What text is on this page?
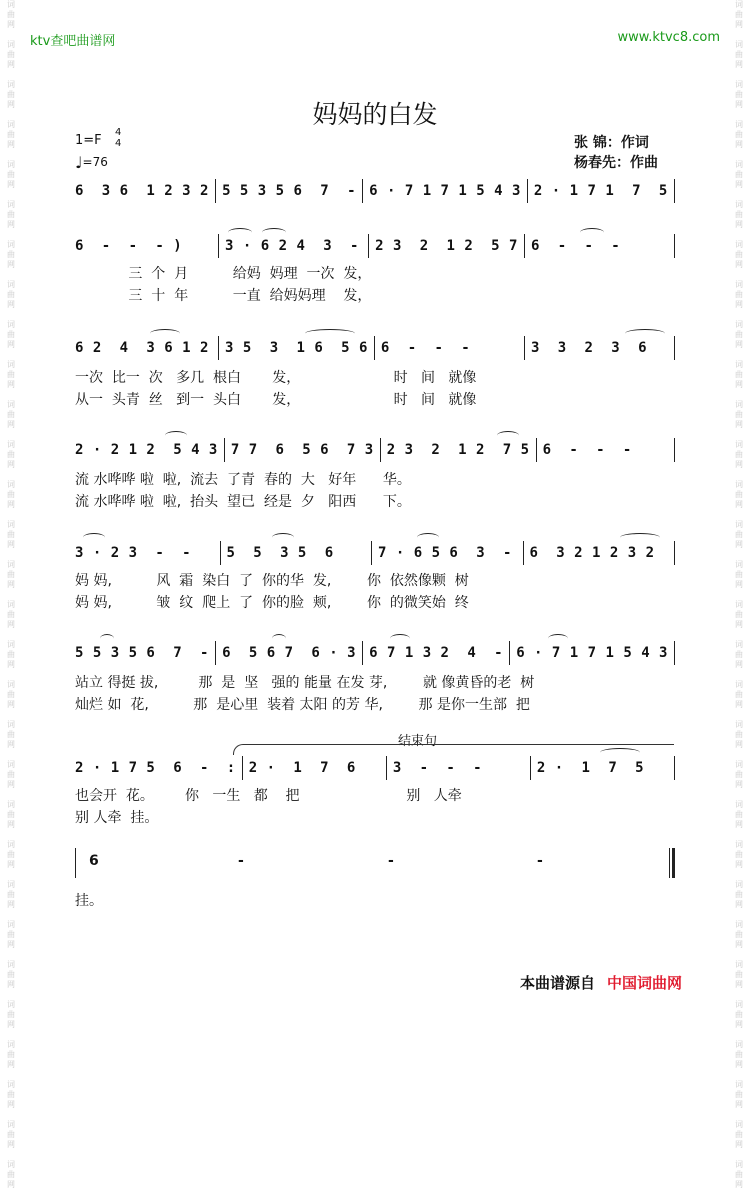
词
曲
网

词
曲
网

词
曲
网

词
曲
网

词
曲
网

词
曲
网

词
曲
网

词
曲
网

词
曲
网

词
曲
网

词
曲
网

词
曲
网

词
曲
网

词
曲
网

词
曲
网

词
曲
网

词
曲
网

词
曲
网

词
曲
网

词
曲
网

词
曲
网

词
曲
网

词
曲
网

词
曲
网

词
曲
网

词
曲
网

词
曲
网

词
曲
网

词
曲
网

词
曲
网
词
曲
网

词
曲
网

词
曲
网

词
曲
网

词
曲
网

词
曲
网

词
曲
网

词
曲
网

词
曲
网

词
曲
网

词
曲
网

词
曲
网

词
曲
网

词
曲
网

词
曲
网

词
曲
网

词
曲
网

词
曲
网

词
曲
网

词
曲
网

词
曲
网

词
曲
网

词
曲
网

词
曲
网

词
曲
网

词
曲
网

词
曲
网

词
曲
网

词
曲
网

词
曲
网
ktv查吧曲谱网	www.ktvc8.com
妈妈的白发
1=F
4
4
♩=76
张 锦：作词
杨春先：作曲
6  3 6  1 2 3 2 5 5 3 5 6  7  - 6 · 7 1 7 1 5 4 3 2 · 1 7 1  7  5
6  -  -  - )	3 · 6 2 4  3  -	2 3  2  1 2  5 7 6  -  -  -
三  个  月          给妈  妈理  一次  发，
三  十  年          一直  给妈妈理    发，
6 2  4  3 6 1 2	3 5  3  1 6  5 6 6  -  -  -	3  3  2  3  6
一次  比一  次   多几  根白       发，                     时   间   就像
从一  头青  丝   到一  头白       发，                     时   间   就像
2 · 2 1 2  5 4 3 7 7  6  5 6  7 3 2 3  2  1 2  7 5 6  -  -  -
流 水哗哗 啦  啦,  流去  了青  春的  大   好年      华。
流 水哗哗 啦  啦,  抬头  望已  经是  夕   阳西      下。
3 · 2 3  -  -	5  5  3 5  6	7 · 6 5 6  3  -	6  3 2 1 2 3 2
妈 妈,          风  霜  染白  了  你的华  发,        你  依然像颗  树
妈 妈,          皱  纹  爬上  了  你的脸  颊,        你  的微笑始  终
5 5 3 5 6  7  - 6  5 6 7  6 · 3 6 7 1 3 2  4  - 6 · 7 1 7 1 5 4 3
站立 得挺 拔,         那  是  坚   强的 能量 在发 芽,        就 像黄昏的老  树
灿烂 如  花,          那  是心里  装着 太阳 的芳 华,        那 是你一生部  把
2 · 1 7 5  6  -  : 2 ·  1  7  6	3  -  -  -	2 ·  1  7  5
也会开  花。       你   一生   都    把                        别   人牵
别 人牵  挂。
结束句
6	-	-	-
挂。
本曲谱源自 中国词曲网
